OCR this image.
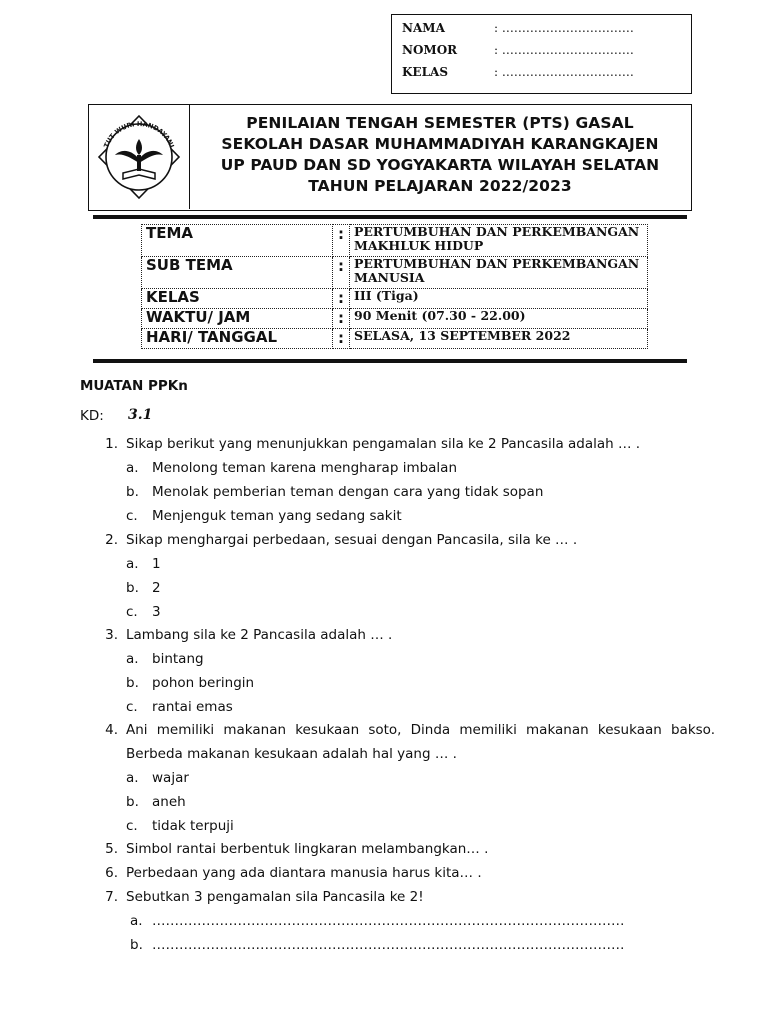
NAMA	: ……………………………
NOMOR	: ……………………………
KELAS	: ……………………………
TUT WURI HANDAYANI
PENILAIAN TENGAH SEMESTER (PTS) GASAL
SEKOLAH DASAR MUHAMMADIYAH KARANGKAJEN
UP PAUD DAN SD YOGYAKARTA WILAYAH SELATAN
TAHUN PELAJARAN 2022/2023
TEMA	:	PERTUMBUHAN DAN PERKEMBANGAN MAKHLUK HIDUP
SUB TEMA	:	PERTUMBUHAN DAN PERKEMBANGAN MANUSIA
KELAS	:	III (Tiga)
WAKTU/ JAM	:	90 Menit (07.30 - 22.00)
HARI/ TANGGAL	:	SELASA, 13 SEPTEMBER 2022
MUATAN PPKn
KD: 3.1
1. Sikap berikut yang menunjukkan pengamalan sila ke 2 Pancasila adalah … .
a. Menolong teman karena mengharap imbalan
b. Menolak pemberian teman dengan cara yang tidak sopan
c. Menjenguk teman yang sedang sakit
2. Sikap menghargai perbedaan, sesuai dengan Pancasila, sila ke … .
a. 1
b. 2
c. 3
3. Lambang sila ke 2 Pancasila adalah … .
a. bintang
b. pohon beringin
c. rantai emas
4. Ani memiliki makanan kesukaan soto, Dinda memiliki makanan kesukaan bakso.
Berbeda makanan kesukaan adalah hal yang … .
a. wajar
b. aneh
c. tidak terpuji
5. Simbol rantai berbentuk lingkaran melambangkan… .
6. Perbedaan yang ada diantara manusia harus kita… .
7. Sebutkan 3 pengamalan sila Pancasila ke 2!
a. ……………………………………………………………………………………………
b. ……………………………………………………………………………………………
